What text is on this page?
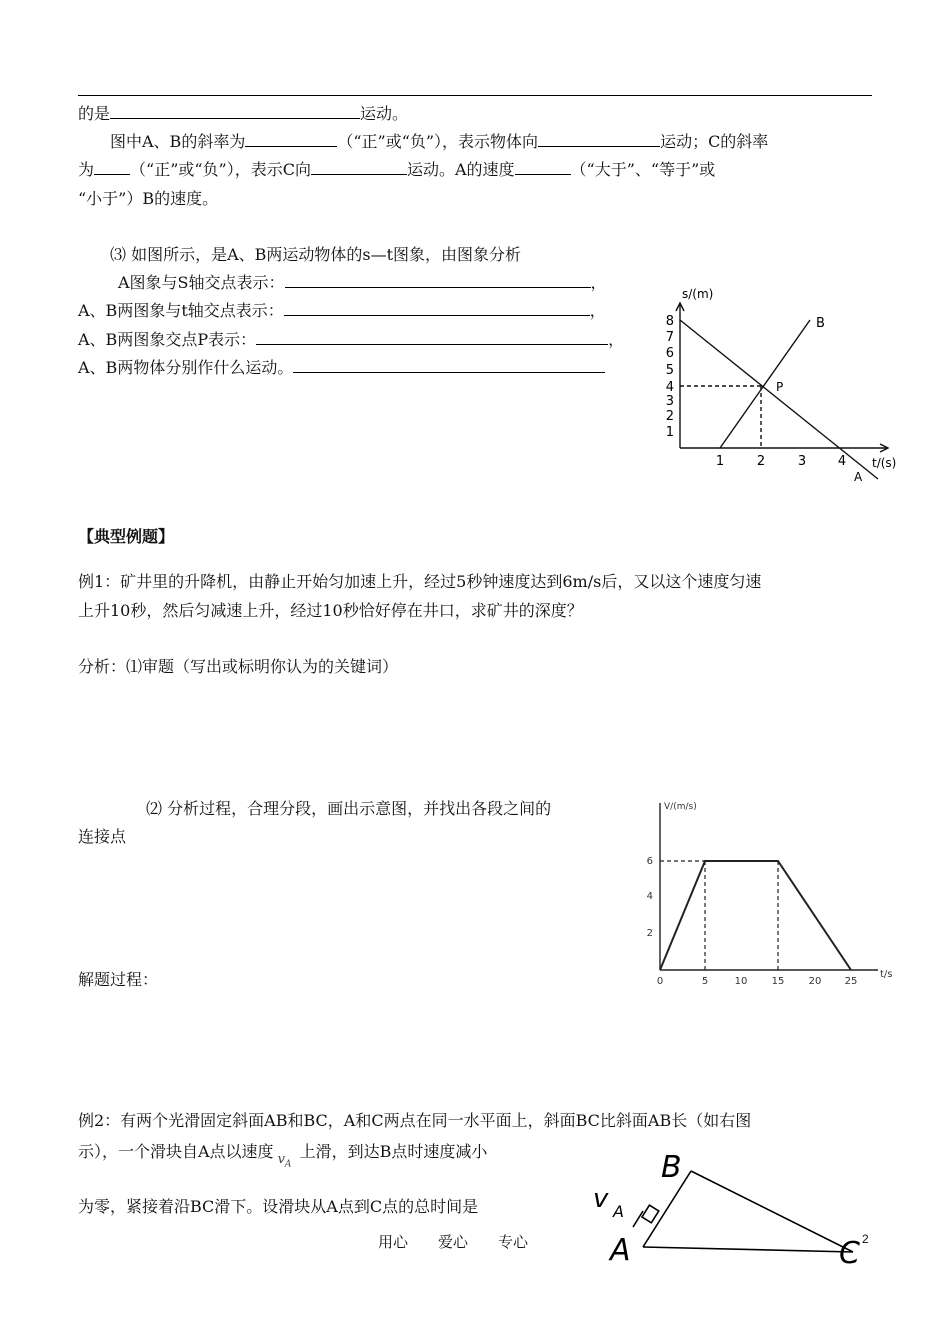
的是	运动。
图中A、B的斜率为	（“正”或“负”），表示物体向	运动；C的斜率
为 （“正”或“负”），表示C向	运动。A的速度	（“大于”、“等于”或
“小于”）B的速度。
⑶ 如图所示，是A、B两运动物体的s—t图象，由图象分析
A图象与S轴交点表示：	，
A、B两图象与t轴交点表示：	，
A、B两图象交点P表示：	，
A、B两物体分别作什么运动。
s/(m)
t/(s)
1
2
3
4
5
6
7
8
1	2	3 4
B
A
P
【典型例题】
例1：矿井里的升降机，由静止开始匀加速上升，经过5秒钟速度达到6m/s后，又以这个速度匀速
上升10秒，然后匀减速上升，经过10秒恰好停在井口，求矿井的深度？
分析：⑴审题（写出或标明你认为的关键词）
⑵ 分析过程，合理分段，画出示意图，并找出各段之间的
连接点
解题过程：
V/(m/s)
t/s
2
4
6
0	5	10 15 20 25
例2：有两个光滑固定斜面AB和BC，A和C两点在同一水平面上，斜面BC比斜面AB长（如右图
示），一个滑块自A点以速度 $v_A$上滑，到达B点时速度减小
为零，紧接着沿BC滑下。设滑块从A点到C点的总时间是
B
A	C
v A
用心　　爱心　　专心	2
